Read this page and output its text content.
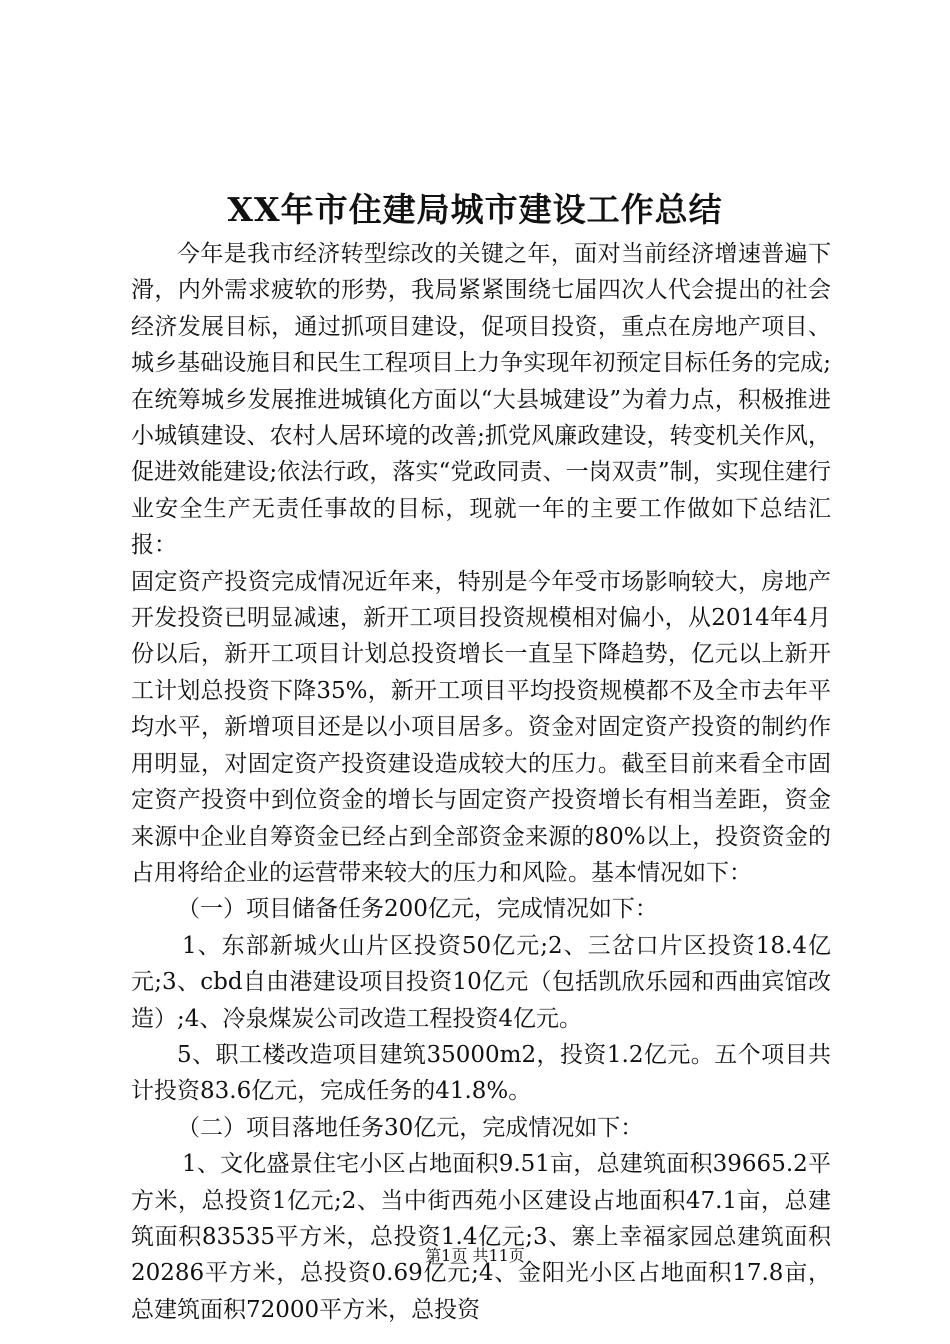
XX年市住建局城市建设工作总结

今年是我市经济转型综改的关键之年，面对当前经济增速普遍下滑，内外需求疲软的形势，我局紧紧围绕七届四次人代会提出的社会经济发展目标，通过抓项目建设，促项目投资，重点在房地产项目、城乡基础设施目和民生工程项目上力争实现年初预定目标任务的完成;在统筹城乡发展推进城镇化方面以“大县城建设”为着力点，积极推进小城镇建设、农村人居环境的改善;抓党风廉政建设，转变机关作风，促进效能建设;依法行政，落实“党政同责、一岗双责”制，实现住建行业安全生产无责任事故的目标，现就一年的主要工作做如下总结汇报：

固定资产投资完成情况近年来，特别是今年受市场影响较大，房地产开发投资已明显减速，新开工项目投资规模相对偏小，从2014年4月份以后，新开工项目计划总投资增长一直呈下降趋势，亿元以上新开工计划总投资下降35%，新开工项目平均投资规模都不及全市去年平均水平，新增项目还是以小项目居多。资金对固定资产投资的制约作用明显，对固定资产投资建设造成较大的压力。截至目前来看全市固定资产投资中到位资金的增长与固定资产投资增长有相当差距，资金来源中企业自筹资金已经占到全部资金来源的80%以上，投资资金的占用将给企业的运营带来较大的压力和风险。基本情况如下：

（一）项目储备任务200亿元，完成情况如下：

1、东部新城火山片区投资50亿元;2、三岔口片区投资18.4亿元;3、cbd自由港建设项目投资10亿元（包括凯欣乐园和西曲宾馆改造）;4、冷泉煤炭公司改造工程投资4亿元。

5、职工楼改造项目建筑35000m2，投资1.2亿元。五个项目共计投资83.6亿元，完成任务的41.8%。

（二）项目落地任务30亿元，完成情况如下：

1、文化盛景住宅小区占地面积9.51亩，总建筑面积39665.2平方米，总投资1亿元;2、当中街西苑小区建设占地面积47.1亩，总建筑面积83535平方米，总投资1.4亿元;3、寨上幸福家园总建筑面积20286平方米，总投资0.69亿元;4、金阳光小区占地面积17.8亩，总建筑面积72000平方米，总投资

第1页 共11页
